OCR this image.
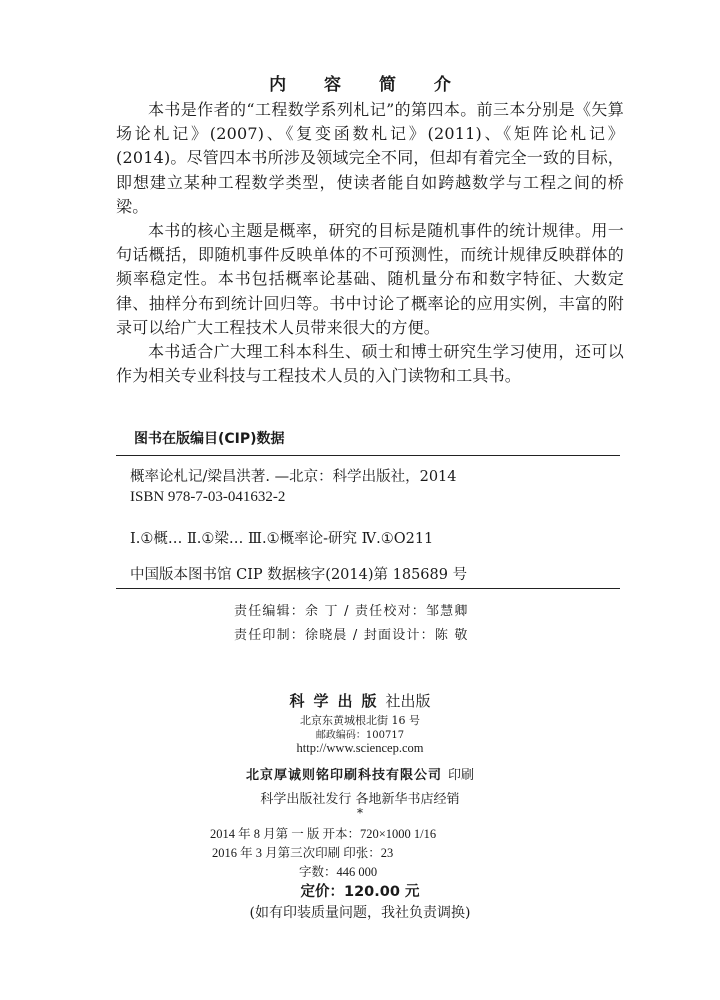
内 容 简 介

本书是作者的“工程数学系列札记”的第四本。前三本分别是《矢算场论札记》(2007)、《复变函数札记》(2011)、《矩阵论札记》(2014)。尽管四本书所涉及领域完全不同，但却有着完全一致的目标，即想建立某种工程数学类型，使读者能自如跨越数学与工程之间的桥梁。

本书的核心主题是概率，研究的目标是随机事件的统计规律。用一句话概括，即随机事件反映单体的不可预测性，而统计规律反映群体的频率稳定性。本书包括概率论基础、随机量分布和数字特征、大数定律、抽样分布到统计回归等。书中讨论了概率论的应用实例，丰富的附录可以给广大工程技术人员带来很大的方便。

本书适合广大理工科本科生、硕士和博士研究生学习使用，还可以作为相关专业科技与工程技术人员的入门读物和工具书。

图书在版编目(CIP)数据
概率论札记/梁昌洪著. —北京：科学出版社，2014
ISBN 978-7-03-041632-2
Ⅰ.①概… Ⅱ.①梁… Ⅲ.①概率论-研究 Ⅳ.①O211
中国版本图书馆 CIP 数据核字(2014)第 185689 号
责任编辑：余 丁 / 责任校对：邹慧卿
责任印制：徐晓晨 / 封面设计：陈 敬
科学出版社出版
北京东黄城根北街 16 号
邮政编码：100717
http://www.sciencep.com
北京厚诚则铭印刷科技有限公司 印刷
科学出版社发行 各地新华书店经销
*
2014 年 8 月第 一 版 开本：720×1000 1/16
2016 年 3 月第三次印刷 印张：23
字数：446 000
定价：120.00 元
(如有印装质量问题，我社负责调换)
